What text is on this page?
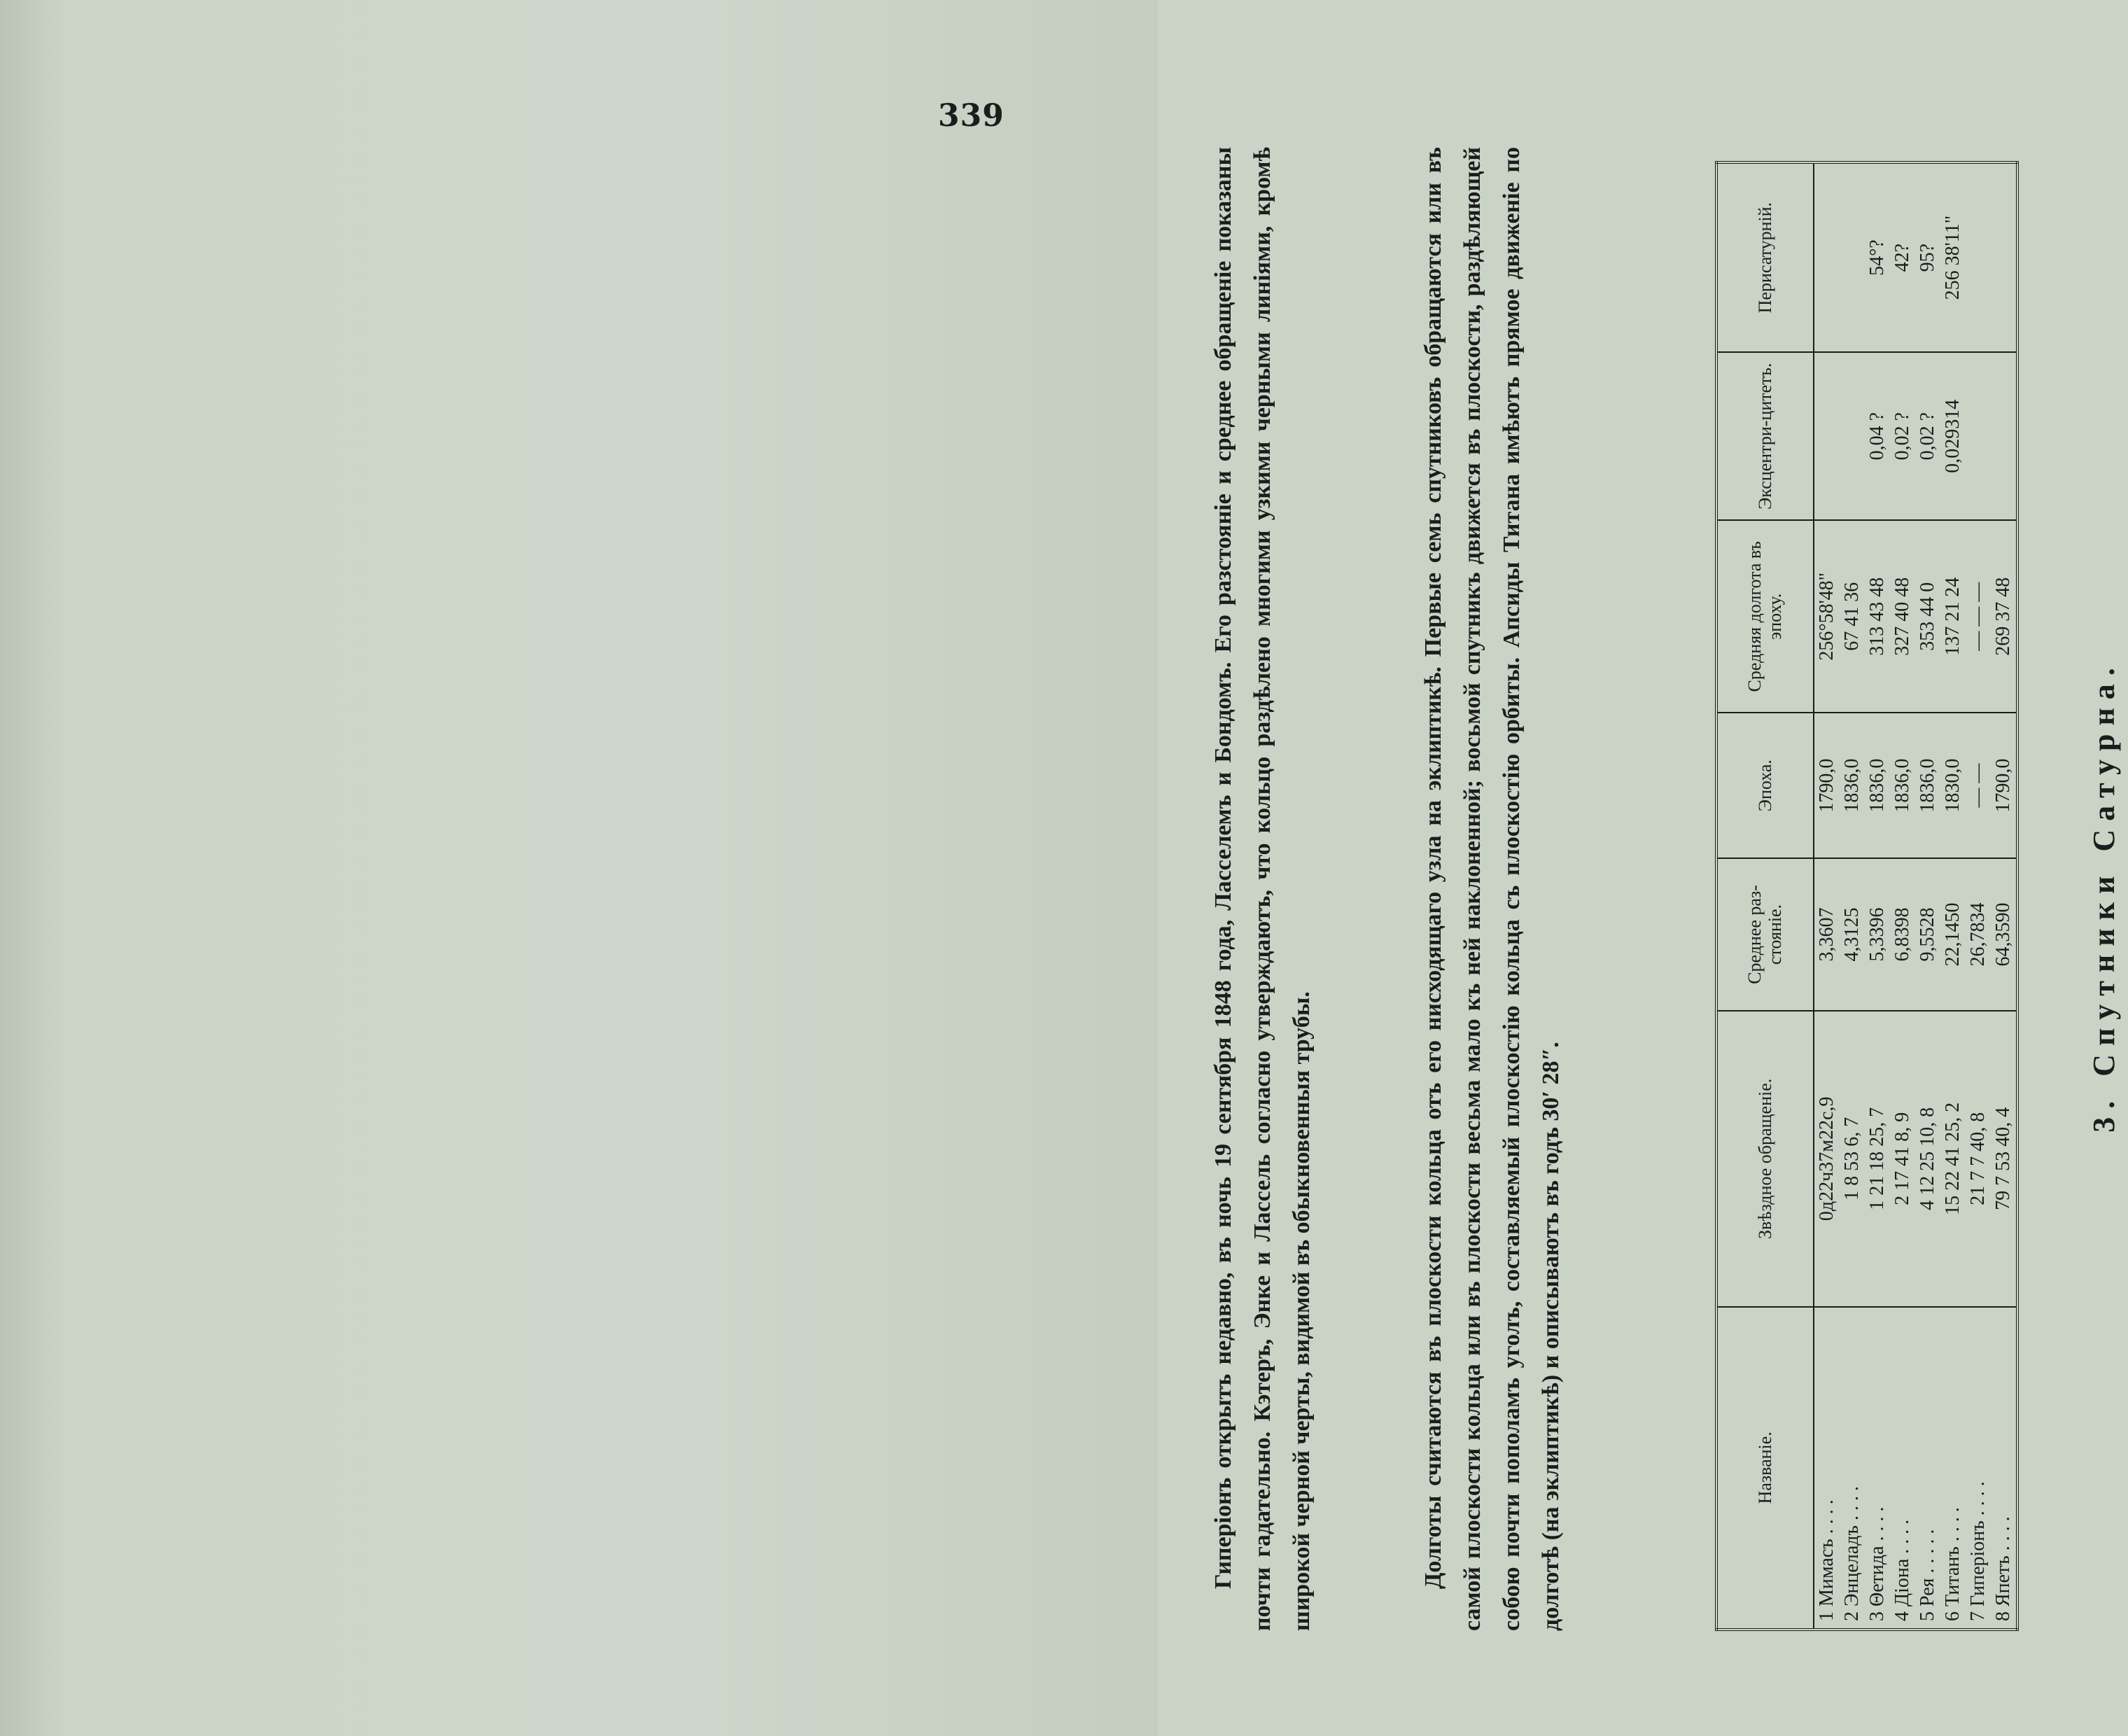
339
3. Спутники Сатурна.
Названіе.	Звѣздное обращеніе.	Среднее раз-стояніе.	Эпоха.	Средняя долгота въ эпоху.	Эксцентри-цитетъ.	Перисатурній.
1 Мимасъ . . . .	0д22ч37м22с,9	3,3607	1790,0	256°58'48"		
2 Энцеладъ . . . .	1 8 53 6, 7	4,3125	1836,0	67 41 36		
3 Θетида . . . .	1 21 18 25, 7	5,3396	1836,0	313 43 48	0,04 ?	54°?
4 Діона . . . .	2 17 41 8, 9	6,8398	1836,0	327 40 48	0,02 ?	42?
5 Рея . . . . .	4 12 25 10, 8	9,5528	1836,0	353 44 0	0,02 ?	95?
6 Титанъ . . . .	15 22 41 25, 2	22,1450	1830,0	137 21 24	0,029314	256 38'11"
7 Гиперіонъ . . . .	21 7 7 40, 8	26,7834	— —	— — —		
8 Япетъ . . . .	79 7 53 40, 4	64,3590	1790,0	269 37 48		
Долготы считаются въ плоскости кольца отъ его нисходящаго узла на эклиптикѣ. Первые семь спутниковъ обращаются или въ самой плоскости кольца или въ плоскости весьма мало къ ней наклоненной; восьмой спутникъ движется въ плоскости, раздѣляющей собою почти пополамъ уголъ, составляемый плоскостію кольца съ плоскостію орбиты. Апсиды Титана имѣютъ прямое движеніе по долготѣ (на эклиптикѣ) и описываютъ въ годъ 30′ 28″.
Гиперіонъ открытъ недавно, въ ночь 19 сентября 1848 года, Ласселемъ и Бондомъ. Его разстояніе и среднее обращеніе показаны почти гадательно. Кэтеръ, Энке и Лассель согласно утверждаютъ, что кольцо раздѣлено многими узкими черными линіями, кромѣ широкой черной черты, видимой въ обыкновенныя трубы.
